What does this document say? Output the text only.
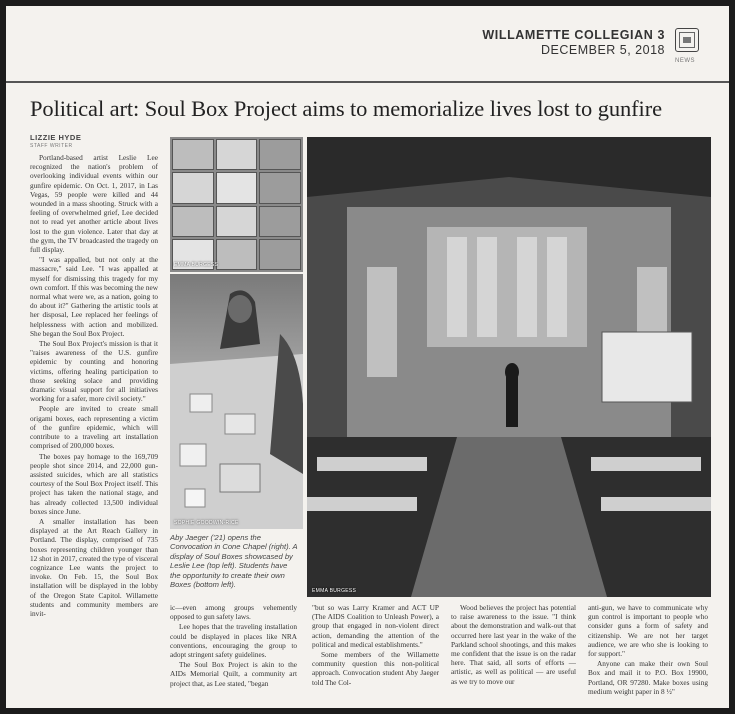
WILLAMETTE COLLEGIAN 3
DECEMBER 5, 2018
NEWS
Political art: Soul Box Project aims to memorialize lives lost to gunfire
LIZZIE HYDE
STAFF WRITER

Portland-based artist Leslie Lee recognized the nation's problem of overlooking individual events within our gunfire epidemic. On Oct. 1, 2017, in Las Vegas, 59 people were killed and 44 wounded in a mass shooting. Struck with a feeling of overwhelmed grief, Lee decided not to read yet another article about lives lost to the gun violence. Later that day at the gym, the TV broadcasted the tragedy on full display.

"I was appalled, but not only at the massacre," said Lee. "I was appalled at myself for dismissing this tragedy for my own comfort. If this was becoming the new normal what were we, as a nation, going to do about it?" Gathering the artistic tools at her disposal, Lee replaced her feelings of helplessness with action and mobilized. She began the Soul Box Project.

The Soul Box Project's mission is that it "raises awareness of the U.S. gunfire epidemic by counting and honoring victims, offering healing participation to those seeking solace and providing dramatic visual support for all initiatives working for a safer, more civil society."

People are invited to create small origami boxes, each representing a victim of the gunfire epidemic, which will contribute to a traveling art installation comprised of 200,000 boxes.

The boxes pay homage to the 169,709 people shot since 2014, and 22,000 gun-assisted suicides, which are all statistics courtesy of the Soul Box Project itself. This project has taken the national stage, and has already collected 13,500 individual boxes since June.

A smaller installation has been displayed at the Art Reach Gallery in Portland. The display, comprised of 735 boxes representing children younger than 12 shot in 2017, created the type of visceral cognizance Lee wants the project to invoke. On Feb. 15, the Soul Box installation will be displayed in the lobby of the Oregon State Capitol. Willamette students and community members are invit-

EMMA BURGESS
SOPHIE GOODWIN-RICE
EMMA BURGESS
Aby Jaeger ('21) opens the Convocation in Cone Chapel (right). A display of Soul Boxes showcased by Leslie Lee (top left). Students have the opportunity to create their own Boxes (bottom left).

ic—even among groups vehemently opposed to gun safety laws.

Lee hopes that the traveling installation could be displayed in places like NRA conventions, encouraging the group to adopt stringent safety guidelines.

The Soul Box Project is akin to the AIDs Memorial Quilt, a community art project that, as Lee stated, "began

"but so was Larry Kramer and ACT UP (The AIDS Coalition to Unleash Power), a group that engaged in non-violent direct action, demanding the attention of the political and medical establishments."

Some members of the Willamette community question this non-political approach. Convocation student Aby Jaeger told The Col-

Wood believes the project has potential to raise awareness to the issue. "I think about the demonstration and walk-out that occurred here last year in the wake of the Parkland school shootings, and this makes me confident that the issue is on the radar here. That said, all sorts of efforts — artistic, as well as political — are useful as we try to move our

anti-gun, we have to communicate why gun control is important to people who consider guns a form of safety and citizenship. We are not her target audience, we are who she is looking to for support."

Anyone can make their own Soul Box and mail it to P.O. Box 19900, Portland, OR 97280. Make boxes using medium weight paper in 8 ½"
